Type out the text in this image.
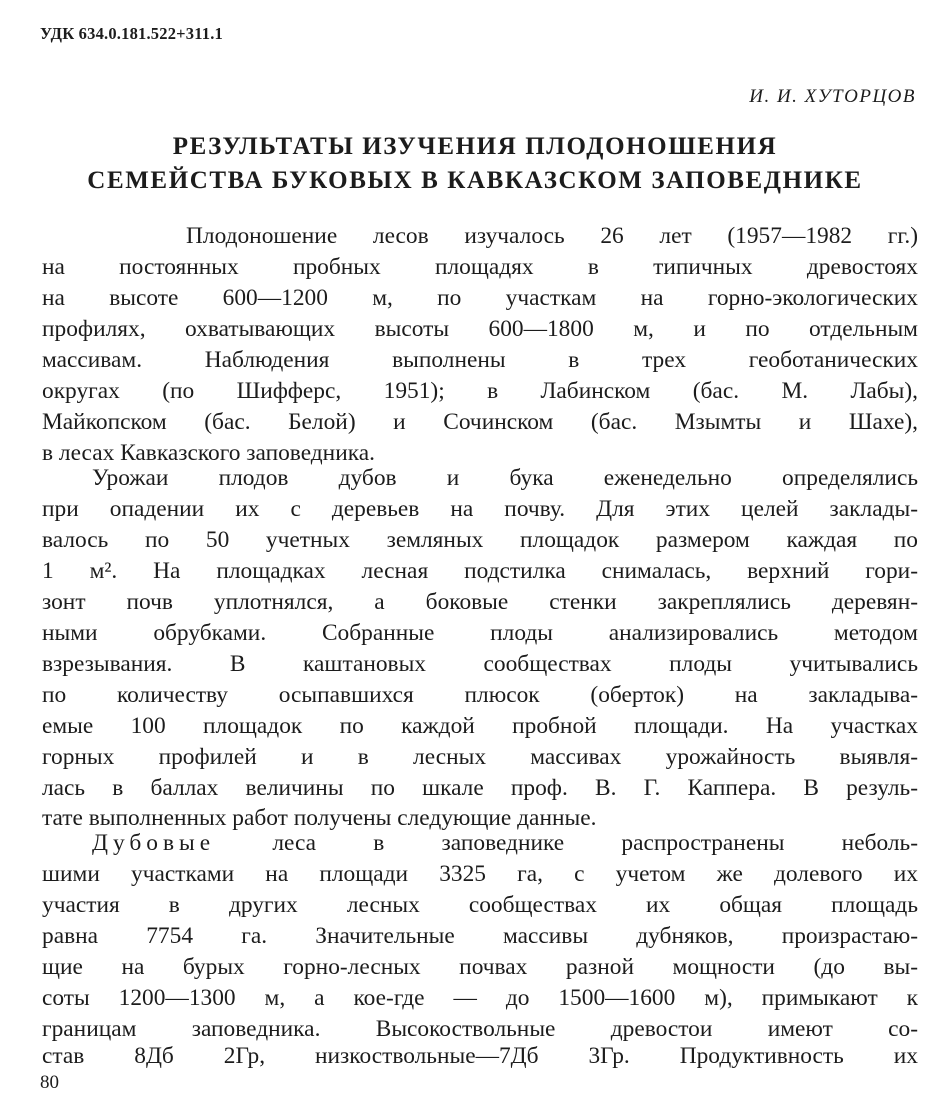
УДК 634.0.181.522+311.1
И. И. ХУТОРЦОВ
РЕЗУЛЬТАТЫ ИЗУЧЕНИЯ ПЛОДОНОШЕНИЯ
СЕМЕЙСТВА БУКОВЫХ В КАВКАЗСКОМ ЗАПОВЕДНИКЕ
Плодоношение лесов изучалось 26 лет (1957—1982 гг.)
на постоянных пробных площадях в типичных древостоях
на высоте 600—1200 м, по участкам на горно-экологических
профилях, охватывающих высоты 600—1800 м, и по отдельным
массивам. Наблюдения выполнены в трех геоботанических
округах (по Шифферс, 1951); в Лабинском (бас. М. Лабы),
Майкопском (бас. Белой) и Сочинском (бас. Мзымты и Шахе),
в лесах Кавказского заповедника.
Урожаи плодов дубов и бука еженедельно определялись
при опадении их с деревьев на почву. Для этих целей заклады-
валось по 50 учетных земляных площадок размером каждая по
1 м². На площадках лесная подстилка снималась, верхний гори-
зонт почв уплотнялся, а боковые стенки закреплялись деревян-
ными обрубками. Собранные плоды анализировались методом
взрезывания. В каштановых сообществах плоды учитывались
по количеству осыпавшихся плюсок (оберток) на закладыва-
емые 100 площадок по каждой пробной площади. На участках
горных профилей и в лесных массивах урожайность выявля-
лась в баллах величины по шкале проф. В. Г. Каппера. В резуль-
тате выполненных работ получены следующие данные.
Дубовые леса в заповеднике распространены неболь-
шими участками на площади 3325 га, с учетом же долевого их
участия в других лесных сообществах их общая площадь
равна 7754 га. Значительные массивы дубняков, произрастаю-
щие на бурых горно-лесных почвах разной мощности (до вы-
соты 1200—1300 м, а кое-где — до 1500—1600 м), примыкают к
границам заповедника. Высокоствольные древостои имеют со-
став 8Дб 2Гр, низкоствольные—7Дб 3Гр. Продуктивность их
80
